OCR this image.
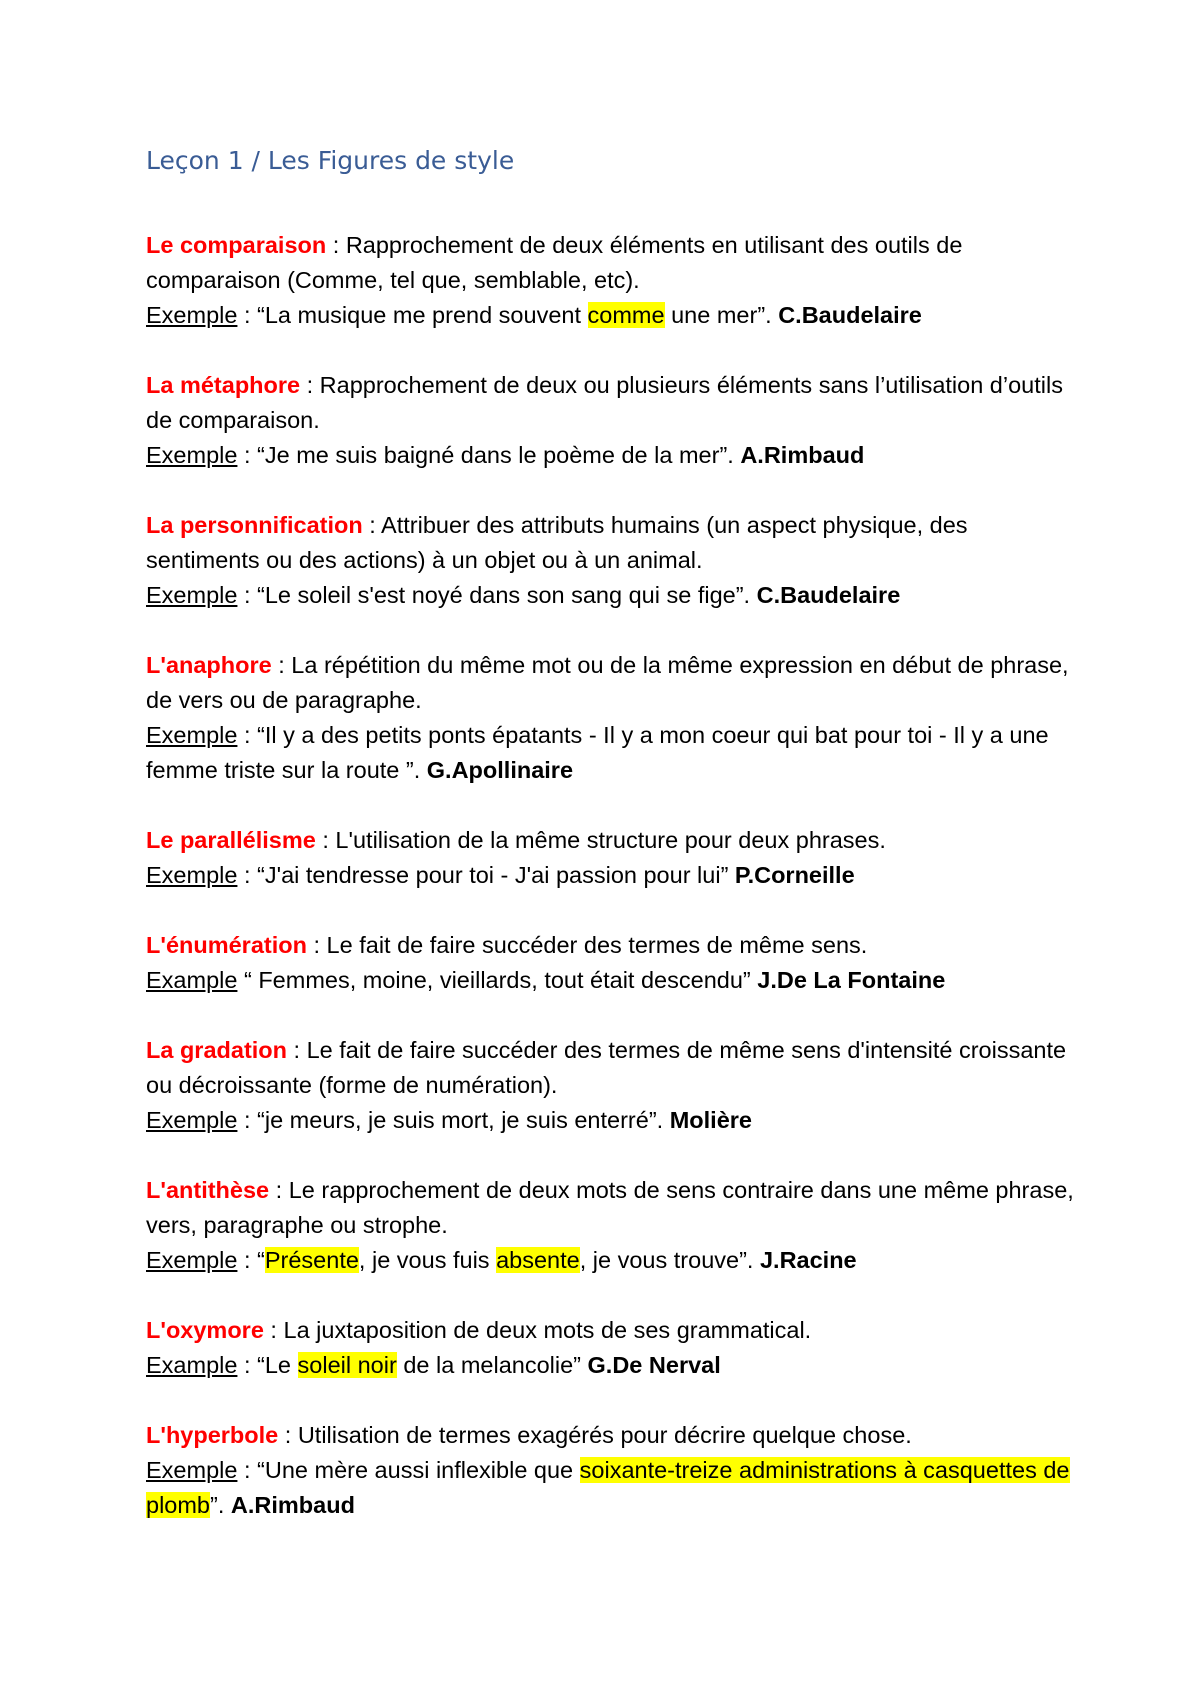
Leçon 1 / Les Figures de style
Le comparaison : Rapprochement de deux éléments en utilisant des outils de comparaison (Comme, tel que, semblable, etc).
Exemple : “La musique me prend souvent comme une mer”. C.Baudelaire
La métaphore : Rapprochement de deux ou plusieurs éléments sans l’utilisation d’outils de comparaison.
Exemple : “Je me suis baigné dans le poème de la mer”. A.Rimbaud
La personnification : Attribuer des attributs humains (un aspect physique, des sentiments ou des actions) à un objet ou à un animal.
Exemple : “Le soleil s'est noyé dans son sang qui se fige”. C.Baudelaire
L'anaphore : La répétition du même mot ou de la même expression en début de phrase, de vers ou de paragraphe.
Exemple : “Il y a des petits ponts épatants - Il y a mon coeur qui bat pour toi - Il y a une femme triste sur la route ”. G.Apollinaire
Le parallélisme : L'utilisation de la même structure pour deux phrases.
Exemple : “J'ai tendresse pour toi - J'ai passion pour lui” P.Corneille
L'énumération : Le fait de faire succéder des termes de même sens.
Example “ Femmes, moine, vieillards, tout était descendu” J.De La Fontaine
La gradation : Le fait de faire succéder des termes de même sens d'intensité croissante ou décroissante (forme de numération).
Exemple : “je meurs, je suis mort, je suis enterré”. Molière
L'antithèse : Le rapprochement de deux mots de sens contraire dans une même phrase, vers, paragraphe ou strophe.
Exemple : “Présente, je vous fuis absente, je vous trouve”. J.Racine
L'oxymore : La juxtaposition de deux mots de ses grammatical.
Example : “Le soleil noir de la melancolie” G.De Nerval
L'hyperbole : Utilisation de termes exagérés pour décrire quelque chose.
Exemple : “Une mère aussi inflexible que soixante-treize administrations à casquettes de plomb”. A.Rimbaud
